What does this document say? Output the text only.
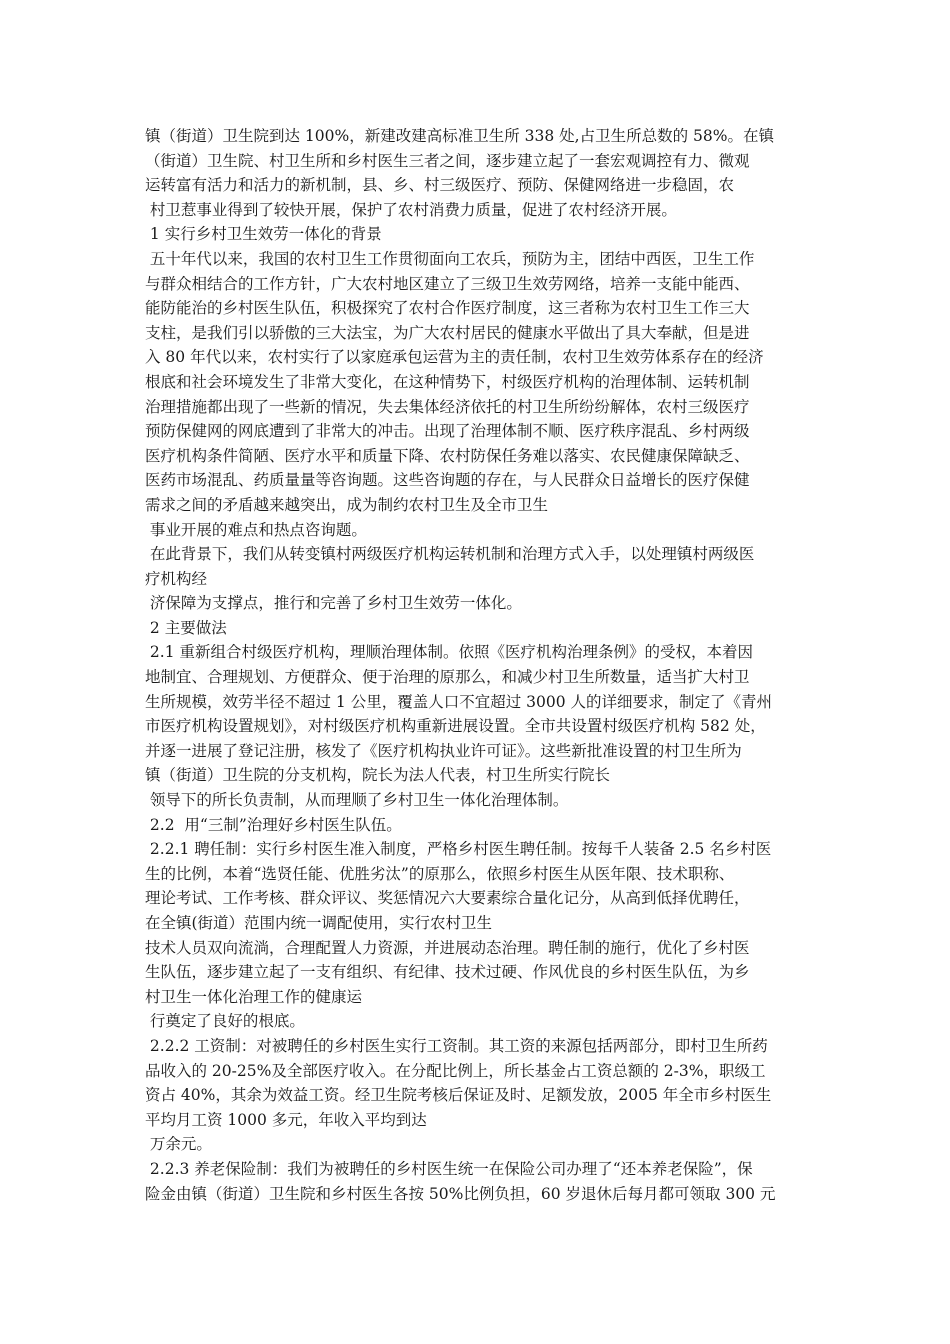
镇（街道）卫生院到达 100%，新建改建高标准卫生所 338 处,占卫生所总数的 58%。在镇
（街道）卫生院、村卫生所和乡村医生三者之间，逐步建立起了一套宏观调控有力、微观
运转富有活力和活力的新机制，县、乡、村三级医疗、预防、保健网络进一步稳固，农
村卫惹事业得到了较快开展，保护了农村消费力质量，促进了农村经济开展。
1 实行乡村卫生效劳一体化的背景
五十年代以来，我国的农村卫生工作贯彻面向工农兵，预防为主，团结中西医，卫生工作
与群众相结合的工作方针，广大农村地区建立了三级卫生效劳网络，培养一支能中能西、
能防能治的乡村医生队伍，积极探究了农村合作医疗制度，这三者称为农村卫生工作三大
支柱，是我们引以骄傲的三大法宝，为广大农村居民的健康水平做出了具大奉献，但是进
入 80 年代以来，农村实行了以家庭承包运营为主的责任制，农村卫生效劳体系存在的经济
根底和社会环境发生了非常大变化，在这种情势下，村级医疗机构的治理体制、运转机制
治理措施都出现了一些新的情况，失去集体经济依托的村卫生所纷纷解体，农村三级医疗
预防保健网的网底遭到了非常大的冲击。出现了治理体制不顺、医疗秩序混乱、乡村两级
医疗机构条件简陋、医疗水平和质量下降、农村防保任务难以落实、农民健康保障缺乏、
医药市场混乱、药质量量等咨询题。这些咨询题的存在，与人民群众日益增长的医疗保健
需求之间的矛盾越来越突出，成为制约农村卫生及全市卫生
事业开展的难点和热点咨询题。
在此背景下，我们从转变镇村两级医疗机构运转机制和治理方式入手，以处理镇村两级医
疗机构经
济保障为支撑点，推行和完善了乡村卫生效劳一体化。
2 主要做法
2.1 重新组合村级医疗机构，理顺治理体制。依照《医疗机构治理条例》的受权，本着因
地制宜、合理规划、方便群众、便于治理的原那么，和减少村卫生所数量，适当扩大村卫
生所规模，效劳半径不超过 1 公里，覆盖人口不宜超过 3000 人的详细要求，制定了《青州
市医疗机构设置规划》，对村级医疗机构重新进展设置。全市共设置村级医疗机构 582 处，
并逐一进展了登记注册，核发了《医疗机构执业许可证》。这些新批准设置的村卫生所为
镇（街道）卫生院的分支机构，院长为法人代表，村卫生所实行院长
领导下的所长负责制，从而理顺了乡村卫生一体化治理体制。
2.2  用“三制”治理好乡村医生队伍。
2.2.1 聘任制：实行乡村医生准入制度，严格乡村医生聘任制。按每千人装备 2.5 名乡村医
生的比例，本着“选贤任能、优胜劣汰”的原那么，依照乡村医生从医年限、技术职称、
理论考试、工作考核、群众评议、奖惩情况六大要素综合量化记分，从高到低择优聘任，
在全镇(街道）范围内统一调配使用，实行农村卫生
技术人员双向流淌，合理配置人力资源，并进展动态治理。聘任制的施行，优化了乡村医
生队伍，逐步建立起了一支有组织、有纪律、技术过硬、作风优良的乡村医生队伍，为乡
村卫生一体化治理工作的健康运
行奠定了良好的根底。
2.2.2 工资制：对被聘任的乡村医生实行工资制。其工资的来源包括两部分，即村卫生所药
品收入的 20-25%及全部医疗收入。在分配比例上，所长基金占工资总额的 2-3%，职级工
资占 40%，其余为效益工资。经卫生院考核后保证及时、足额发放，2005 年全市乡村医生
平均月工资 1000 多元，年收入平均到达
万余元。
2.2.3 养老保险制：我们为被聘任的乡村医生统一在保险公司办理了“还本养老保险”，保
险金由镇（街道）卫生院和乡村医生各按 50%比例负担，60 岁退休后每月都可领取 300 元
